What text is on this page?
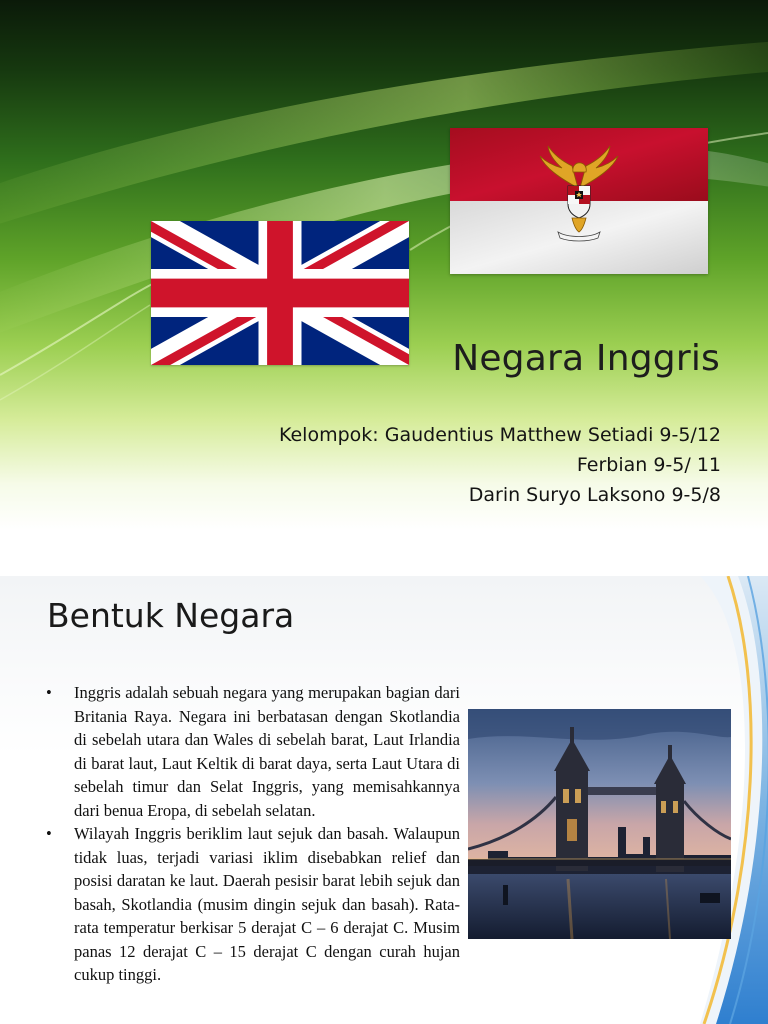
Negara Inggris
Kelompok: Gaudentius Matthew Setiadi 9-5/12
Ferbian 9-5/ 11
Darin Suryo Laksono 9-5/8
Bentuk Negara
• Inggris adalah sebuah negara yang merupakan bagian dari Britania Raya. Negara ini berbatasan dengan Skotlandia di sebelah utara dan Wales di sebelah barat, Laut Irlandia di barat laut, Laut Keltik di barat daya, serta Laut Utara di sebelah timur dan Selat Inggris, yang memisahkannya dari benua Eropa, di sebelah selatan.
• Wilayah Inggris beriklim laut sejuk dan basah. Walaupun tidak luas, terjadi variasi iklim disebabkan relief dan posisi daratan ke laut. Daerah pesisir barat lebih sejuk dan basah, Skotlandia (musim dingin sejuk dan basah). Rata-rata temperatur berkisar 5 derajat C – 6 derajat C. Musim panas 12 derajat C – 15 derajat C dengan curah hujan cukup tinggi.
